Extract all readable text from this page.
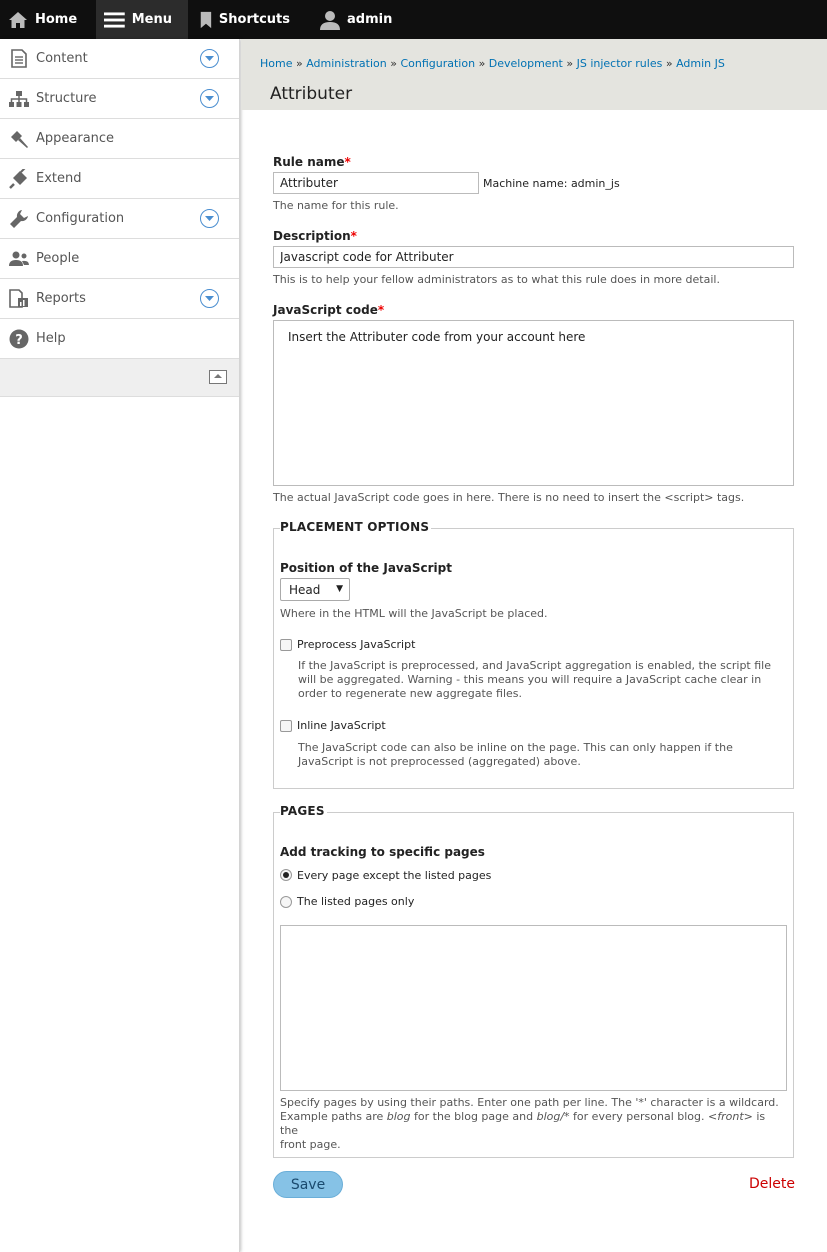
Home	Menu	Shortcuts	admin
Content
Structure
Appearance
Extend
Configuration
People
Reports
? Help
Home » Administration » Configuration » Development » JS injector rules » Admin JS
Attributer
Rule name*
Attributer
Machine name: admin_js
The name for this rule.
Description*
Javascript code for Attributer
This is to help your fellow administrators as to what this rule does in more detail.
JavaScript code*
Insert the Attributer code from your account here
The actual JavaScript code goes in here. There is no need to insert the <script> tags.
PLACEMENT OPTIONS
Position of the JavaScript
Head ▼
Where in the HTML will the JavaScript be placed.
Preprocess JavaScript
If the JavaScript is preprocessed, and JavaScript aggregation is enabled, the script file will be aggregated. Warning - this means you will require a JavaScript cache clear in order to regenerate new aggregate files.
Inline JavaScript
The JavaScript code can also be inline on the page. This can only happen if the JavaScript is not preprocessed (aggregated) above.
PAGES
Add tracking to specific pages
Every page except the listed pages
The listed pages only
Specify pages by using their paths. Enter one path per line. The '*' character is a wildcard.
Example paths are blog for the blog page and blog/* for every personal blog. <front> is the
front page.
Save	Delete
